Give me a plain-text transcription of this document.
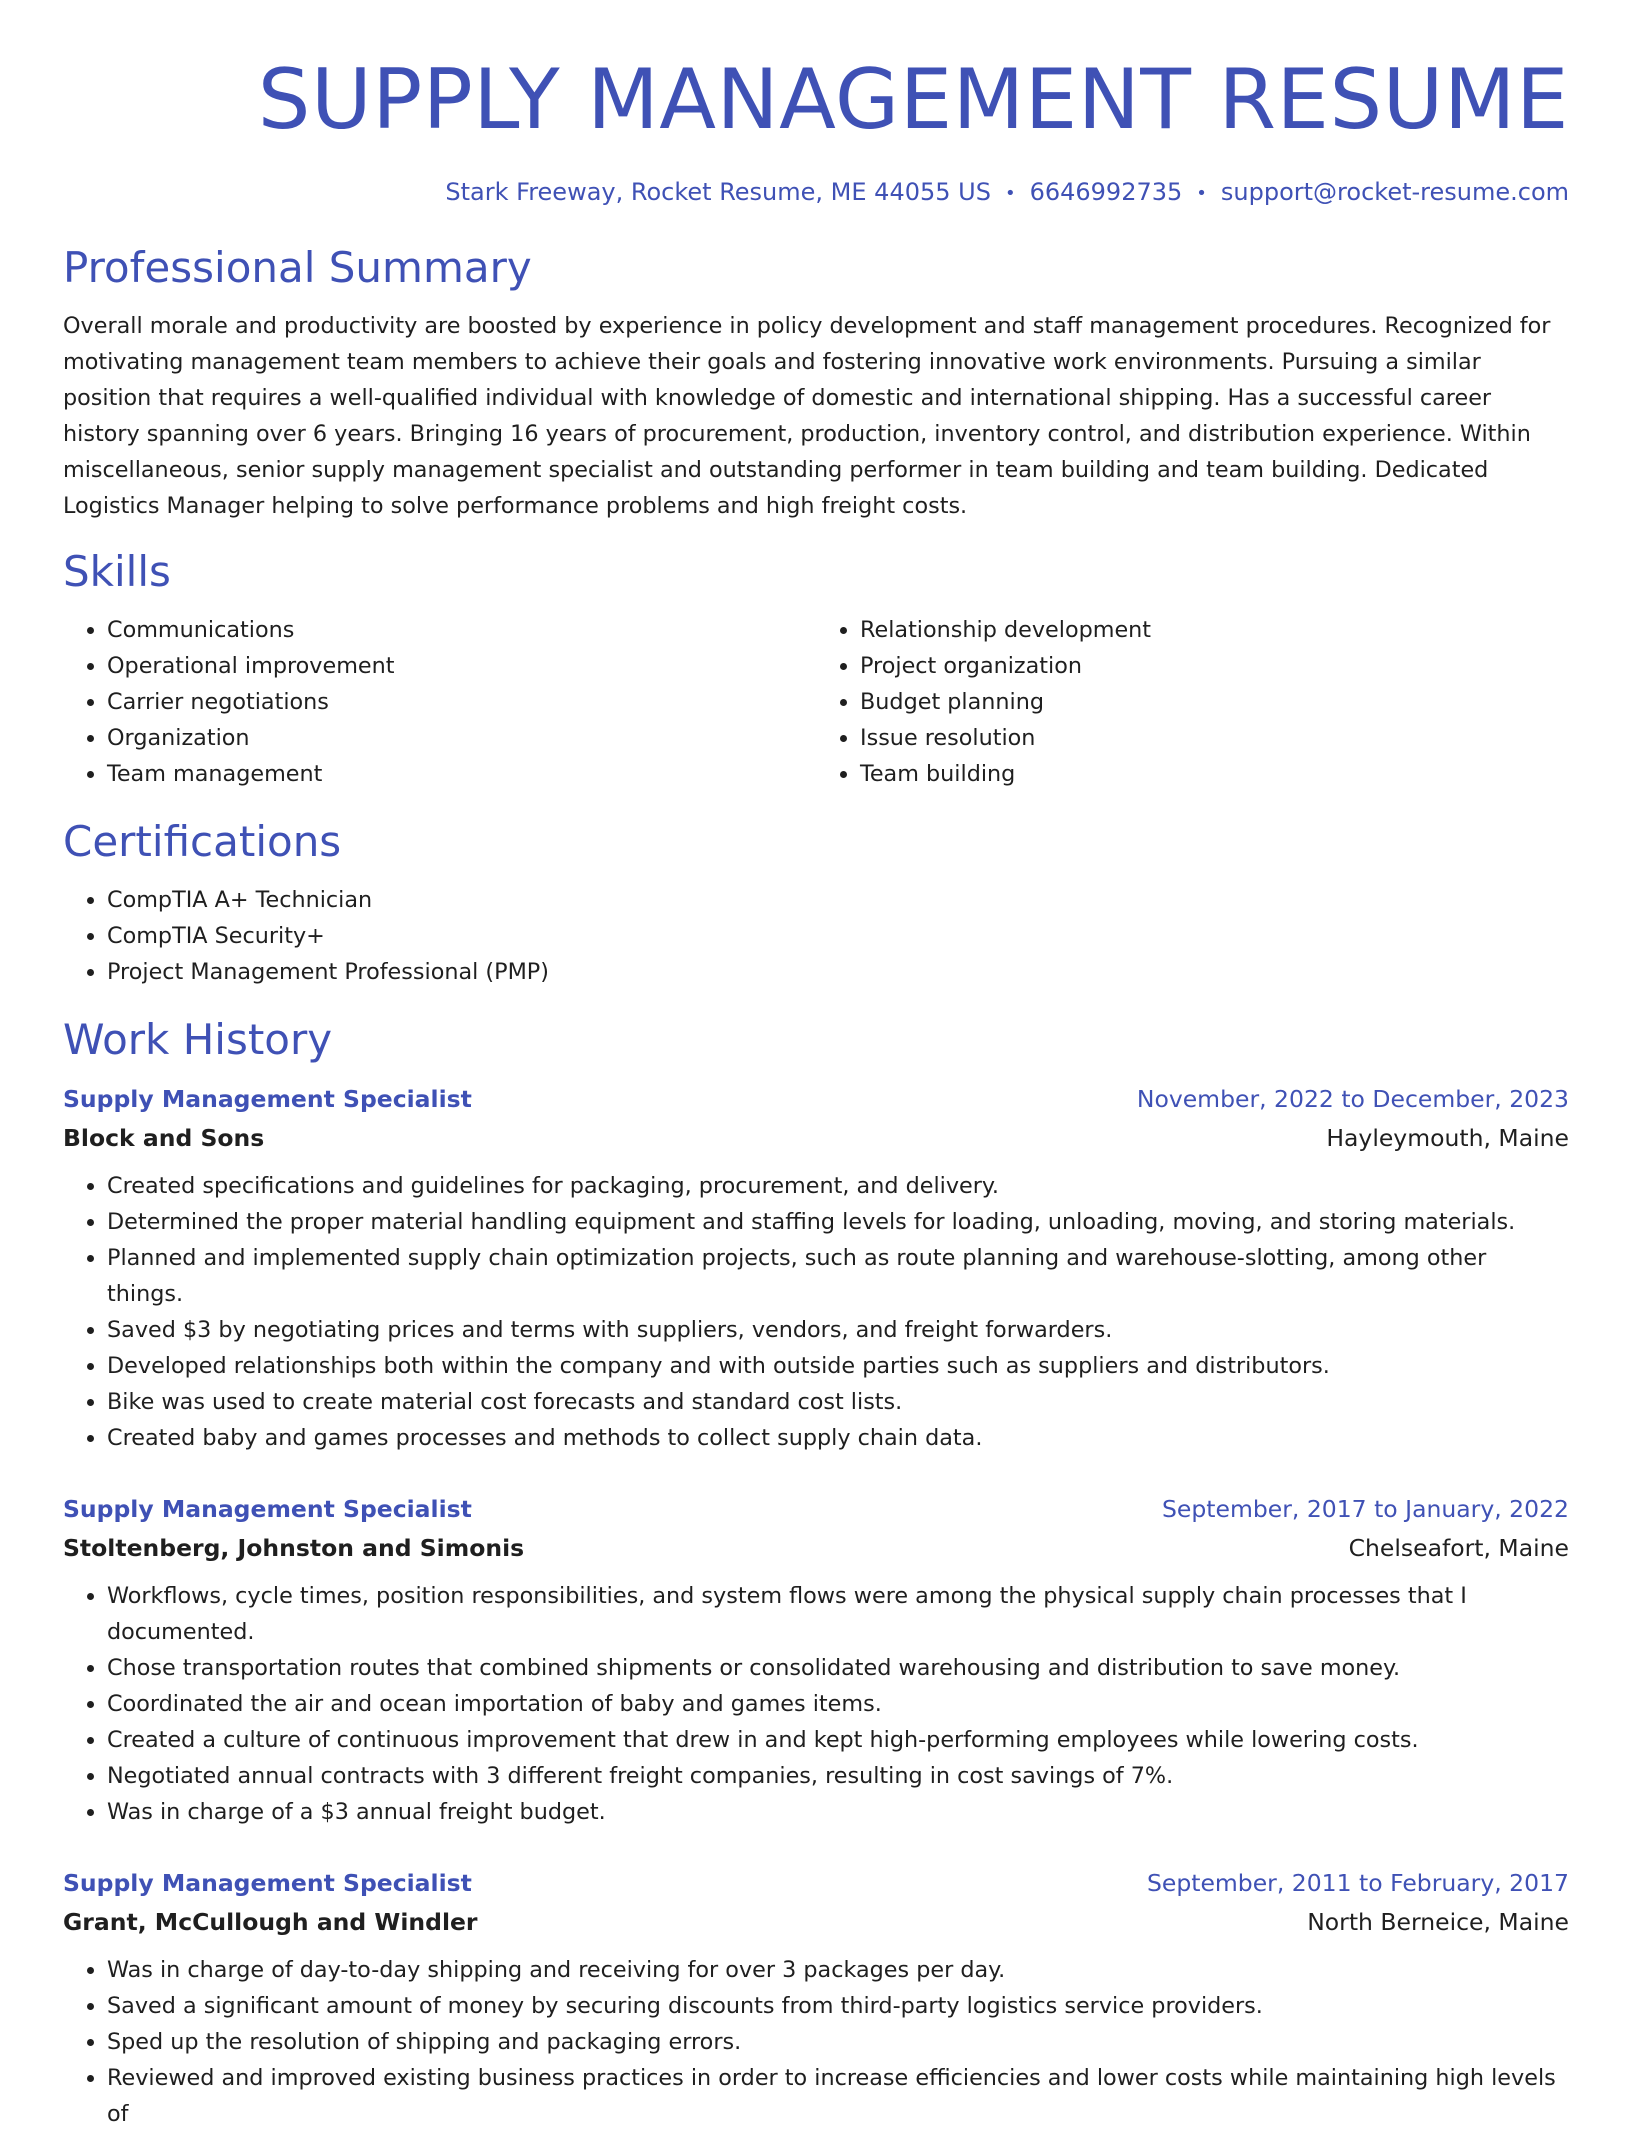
SUPPLY MANAGEMENT RESUME
Stark Freeway, Rocket Resume, ME 44055 US • 6646992735 • support@rocket-resume.com
Professional Summary

Overall morale and productivity are boosted by experience in policy development and staff management procedures. Recognized for motivating management team members to achieve their goals and fostering innovative work environments. Pursuing a similar position that requires a well-qualified individual with knowledge of domestic and international shipping. Has a successful career history spanning over 6 years. Bringing 16 years of procurement, production, inventory control, and distribution experience. Within miscellaneous, senior supply management specialist and outstanding performer in team building and team building. Dedicated Logistics Manager helping to solve performance problems and high freight costs.

Skills
• Communications
• Operational improvement
• Carrier negotiations
• Organization
• Team management
• Relationship development
• Project organization
• Budget planning
• Issue resolution
• Team building
Certifications
• CompTIA A+ Technician
• CompTIA Security+
• Project Management Professional (PMP)
Work History
Supply Management Specialist	November, 2022 to December, 2023
Block and Sons	Hayleymouth, Maine
• Created specifications and guidelines for packaging, procurement, and delivery.
• Determined the proper material handling equipment and staffing levels for loading, unloading, moving, and storing materials.
• Planned and implemented supply chain optimization projects, such as route planning and warehouse-slotting, among other things.
• Saved $3 by negotiating prices and terms with suppliers, vendors, and freight forwarders.
• Developed relationships both within the company and with outside parties such as suppliers and distributors.
• Bike was used to create material cost forecasts and standard cost lists.
• Created baby and games processes and methods to collect supply chain data.
Supply Management Specialist	September, 2017 to January, 2022
Stoltenberg, Johnston and Simonis	Chelseafort, Maine
• Workflows, cycle times, position responsibilities, and system flows were among the physical supply chain processes that I documented.
• Chose transportation routes that combined shipments or consolidated warehousing and distribution to save money.
• Coordinated the air and ocean importation of baby and games items.
• Created a culture of continuous improvement that drew in and kept high-performing employees while lowering costs.
• Negotiated annual contracts with 3 different freight companies, resulting in cost savings of 7%.
• Was in charge of a $3 annual freight budget.
Supply Management Specialist	September, 2011 to February, 2017
Grant, McCullough and Windler	North Berneice, Maine
• Was in charge of day-to-day shipping and receiving for over 3 packages per day.
• Saved a significant amount of money by securing discounts from third-party logistics service providers.
• Sped up the resolution of shipping and packaging errors.
• Reviewed and improved existing business practices in order to increase efficiencies and lower costs while maintaining high levels of
